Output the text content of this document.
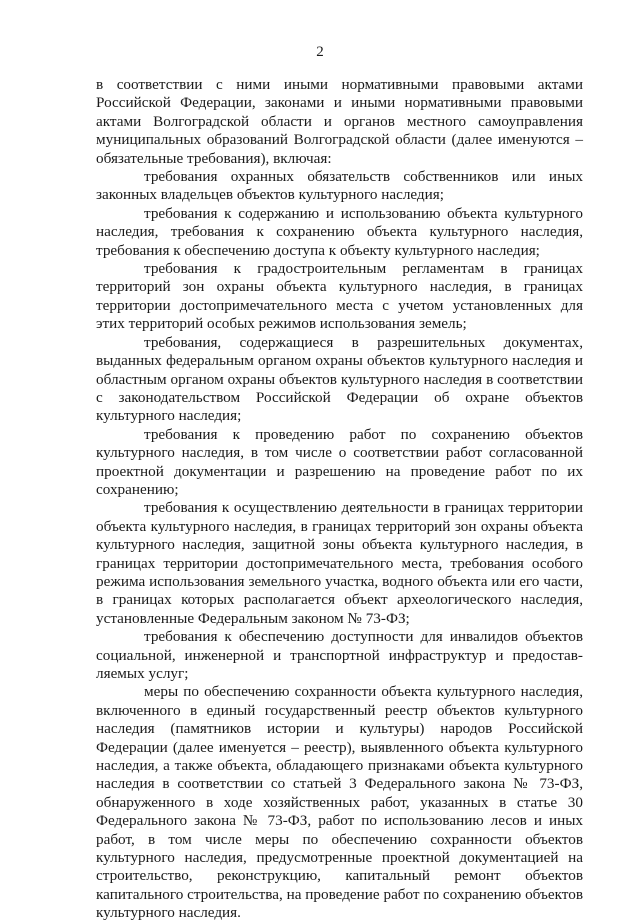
2

в соответствии с ними иными нормативными правовыми актами Российской Федерации, законами и иными нормативными правовыми актами Волгоградской области и органов местного самоуправления муниципальных образований Волгоградской области (далее именуются – обязательные требования), включая:

требования охранных обязательств собственников или иных законных владельцев объектов культурного наследия;

требования к содержанию и использованию объекта культурного наследия, требования к сохранению объекта культурного наследия, требования к обеспечению доступа к объекту культурного наследия;

требования к градостроительным регламентам в границах территорий зон охраны объекта культурного наследия, в границах территории достопримечательного места с учетом установленных для этих территорий особых режимов использования земель;

требования, содержащиеся в разрешительных документах, выданных федеральным органом охраны объектов культурного наследия и областным органом охраны объектов культурного наследия в соответствии с законодательством Российской Федерации об охране объектов культурного наследия;

требования к проведению работ по сохранению объектов культурного наследия, в том числе о соответствии работ согласованной проектной документации и разрешению на проведение работ по их сохранению;

требования к осуществлению деятельности в границах территории объекта культурного наследия, в границах территорий зон охраны объекта культурного наследия, защитной зоны объекта культурного наследия, в границах территории достопримечательного места, требования особого режима использования земельного участка, водного объекта или его части, в границах которых располагается объект археологического наследия, установленные Федеральным законом № 73-ФЗ;

требования к обеспечению доступности для инвалидов объектов социальной, инженерной и транспортной инфраструктур и предостав-ляемых услуг;

меры по обеспечению сохранности объекта культурного наследия, включенного в единый государственный реестр объектов культурного наследия (памятников истории и культуры) народов Российской Федерации (далее именуется – реестр), выявленного объекта культурного наследия, а также объекта, обладающего признаками объекта культурного наследия в соответствии со статьей 3 Федерального закона № 73-ФЗ, обнаруженного в ходе хозяйственных работ, указанных в статье 30 Федерального закона № 73-ФЗ, работ по использованию лесов и иных работ, в том числе меры по обеспечению сохранности объектов культурного наследия, предусмотренные проектной документацией на строительство, реконструкцию, капитальный ремонт объектов капитального строительства, на проведение работ по сохранению объектов культурного наследия.
